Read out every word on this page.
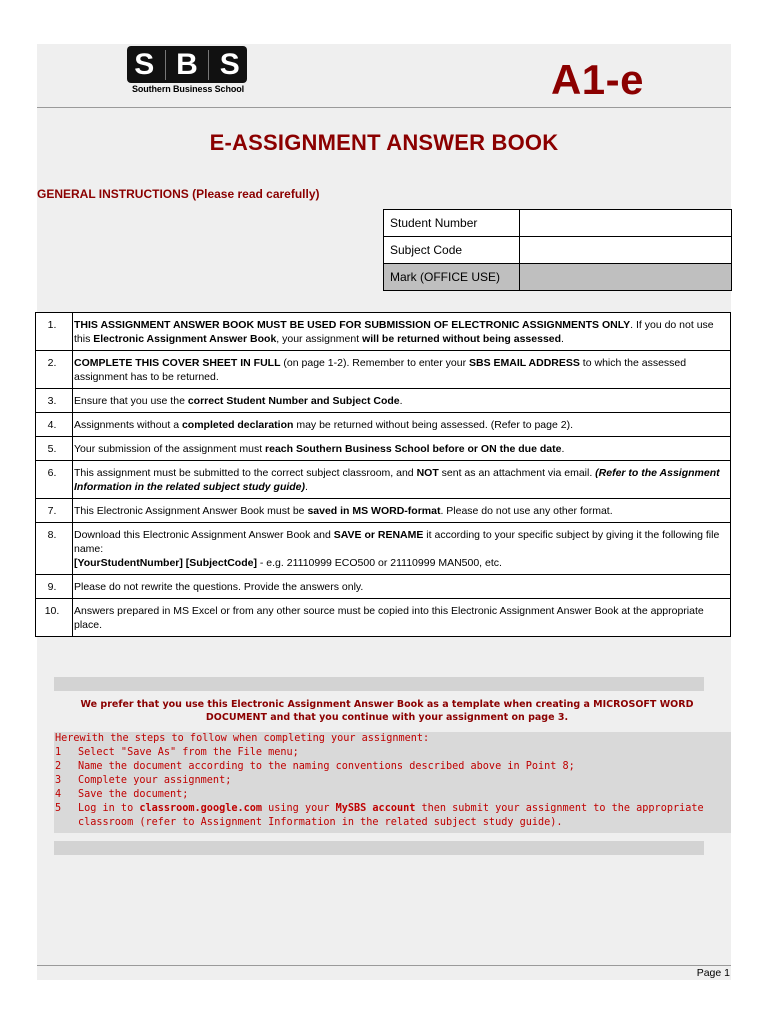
S B S
Southern Business School	A1-e
E-ASSIGNMENT ANSWER BOOK
GENERAL INSTRUCTIONS (Please read carefully)
Student Number	
Subject Code	
Mark (OFFICE USE)	
1.	THIS ASSIGNMENT ANSWER BOOK MUST BE USED FOR SUBMISSION OF ELECTRONIC ASSIGNMENTS ONLY. If you do not use this Electronic Assignment Answer Book, your assignment will be returned without being assessed.
2.	COMPLETE THIS COVER SHEET IN FULL (on page 1-2). Remember to enter your SBS EMAIL ADDRESS to which the assessed assignment has to be returned.
3.	Ensure that you use the correct Student Number and Subject Code.
4.	Assignments without a completed declaration may be returned without being assessed. (Refer to page 2).
5.	Your submission of the assignment must reach Southern Business School before or ON the due date.
6.	This assignment must be submitted to the correct subject classroom, and NOT sent as an attachment via email. (Refer to the Assignment Information in the related subject study guide).
7.	This Electronic Assignment Answer Book must be saved in MS WORD-format. Please do not use any other format.
8.	Download this Electronic Assignment Answer Book and SAVE or RENAME it according to your specific subject by giving it the following file name:
[YourStudentNumber] [SubjectCode] - e.g. 21110999 ECO500 or 21110999 MAN500, etc.
9.	Please do not rewrite the questions. Provide the answers only.
10.	Answers prepared in MS Excel or from any other source must be copied into this Electronic Assignment Answer Book at the appropriate place.
We prefer that you use this Electronic Assignment Answer Book as a template when creating a MICROSOFT WORD DOCUMENT and that you continue with your assignment on page 3.
Herewith the steps to follow when completing your assignment:
1	Select "Save As" from the File menu;
2	Name the document according to the naming conventions described above in Point 8;
3	Complete your assignment;
4	Save the document;
5	Log in to classroom.google.com using your MySBS account then submit your assignment to the appropriate classroom (refer to Assignment Information in the related subject study guide).
Page 1
